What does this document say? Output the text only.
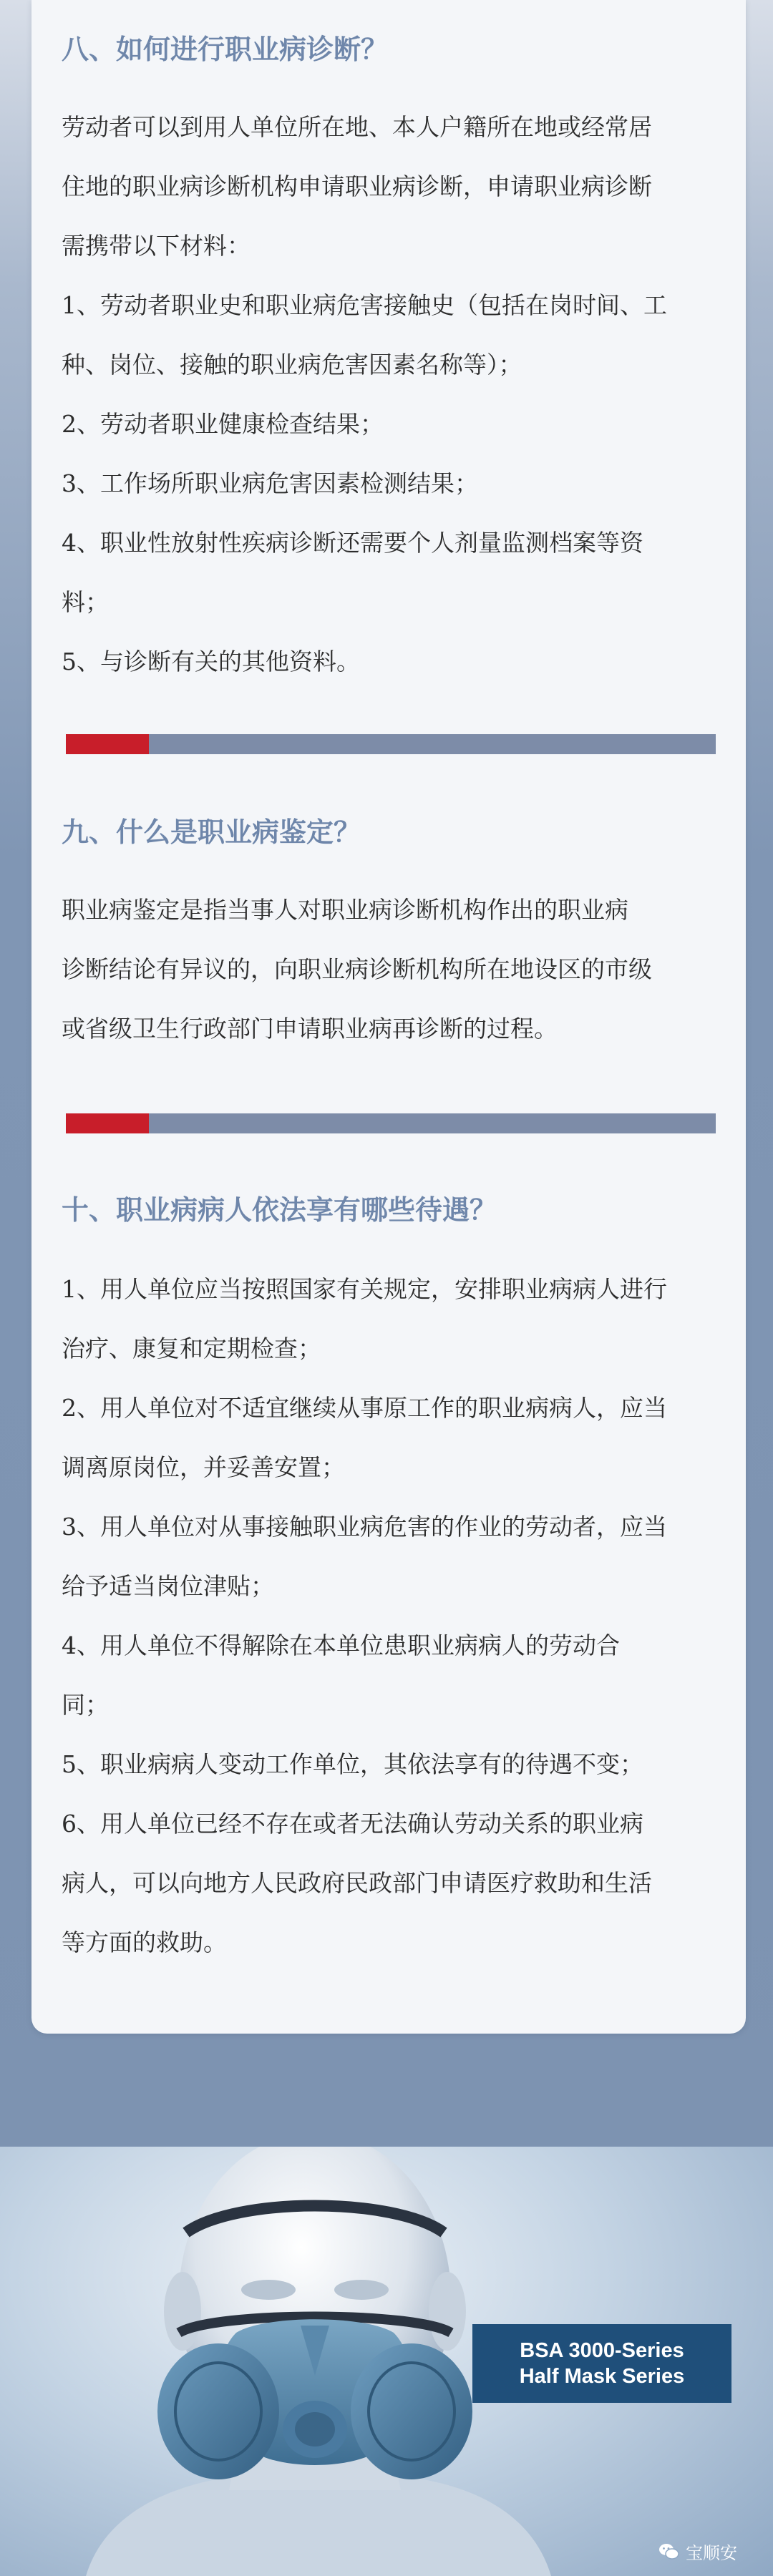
八、如何进行职业病诊断？
劳动者可以到用人单位所在地、本人户籍所在地或经常居
住地的职业病诊断机构申请职业病诊断，申请职业病诊断
需携带以下材料：
1、劳动者职业史和职业病危害接触史（包括在岗时间、工
种、岗位、接触的职业病危害因素名称等）；
2、劳动者职业健康检查结果；
3、工作场所职业病危害因素检测结果；
4、职业性放射性疾病诊断还需要个人剂量监测档案等资
料；
5、与诊断有关的其他资料。
九、什么是职业病鉴定？
职业病鉴定是指当事人对职业病诊断机构作出的职业病
诊断结论有异议的，向职业病诊断机构所在地设区的市级
或省级卫生行政部门申请职业病再诊断的过程。
十、职业病病人依法享有哪些待遇？
1、用人单位应当按照国家有关规定，安排职业病病人进行
治疗、康复和定期检查；
2、用人单位对不适宜继续从事原工作的职业病病人，应当
调离原岗位，并妥善安置；
3、用人单位对从事接触职业病危害的作业的劳动者，应当
给予适当岗位津贴；
4、用人单位不得解除在本单位患职业病病人的劳动合
同；
5、职业病病人变动工作单位，其依法享有的待遇不变；
6、用人单位已经不存在或者无法确认劳动关系的职业病
病人，可以向地方人民政府民政部门申请医疗救助和生活
等方面的救助。
BSA 3000-Series
Half Mask Series
宝顺安
